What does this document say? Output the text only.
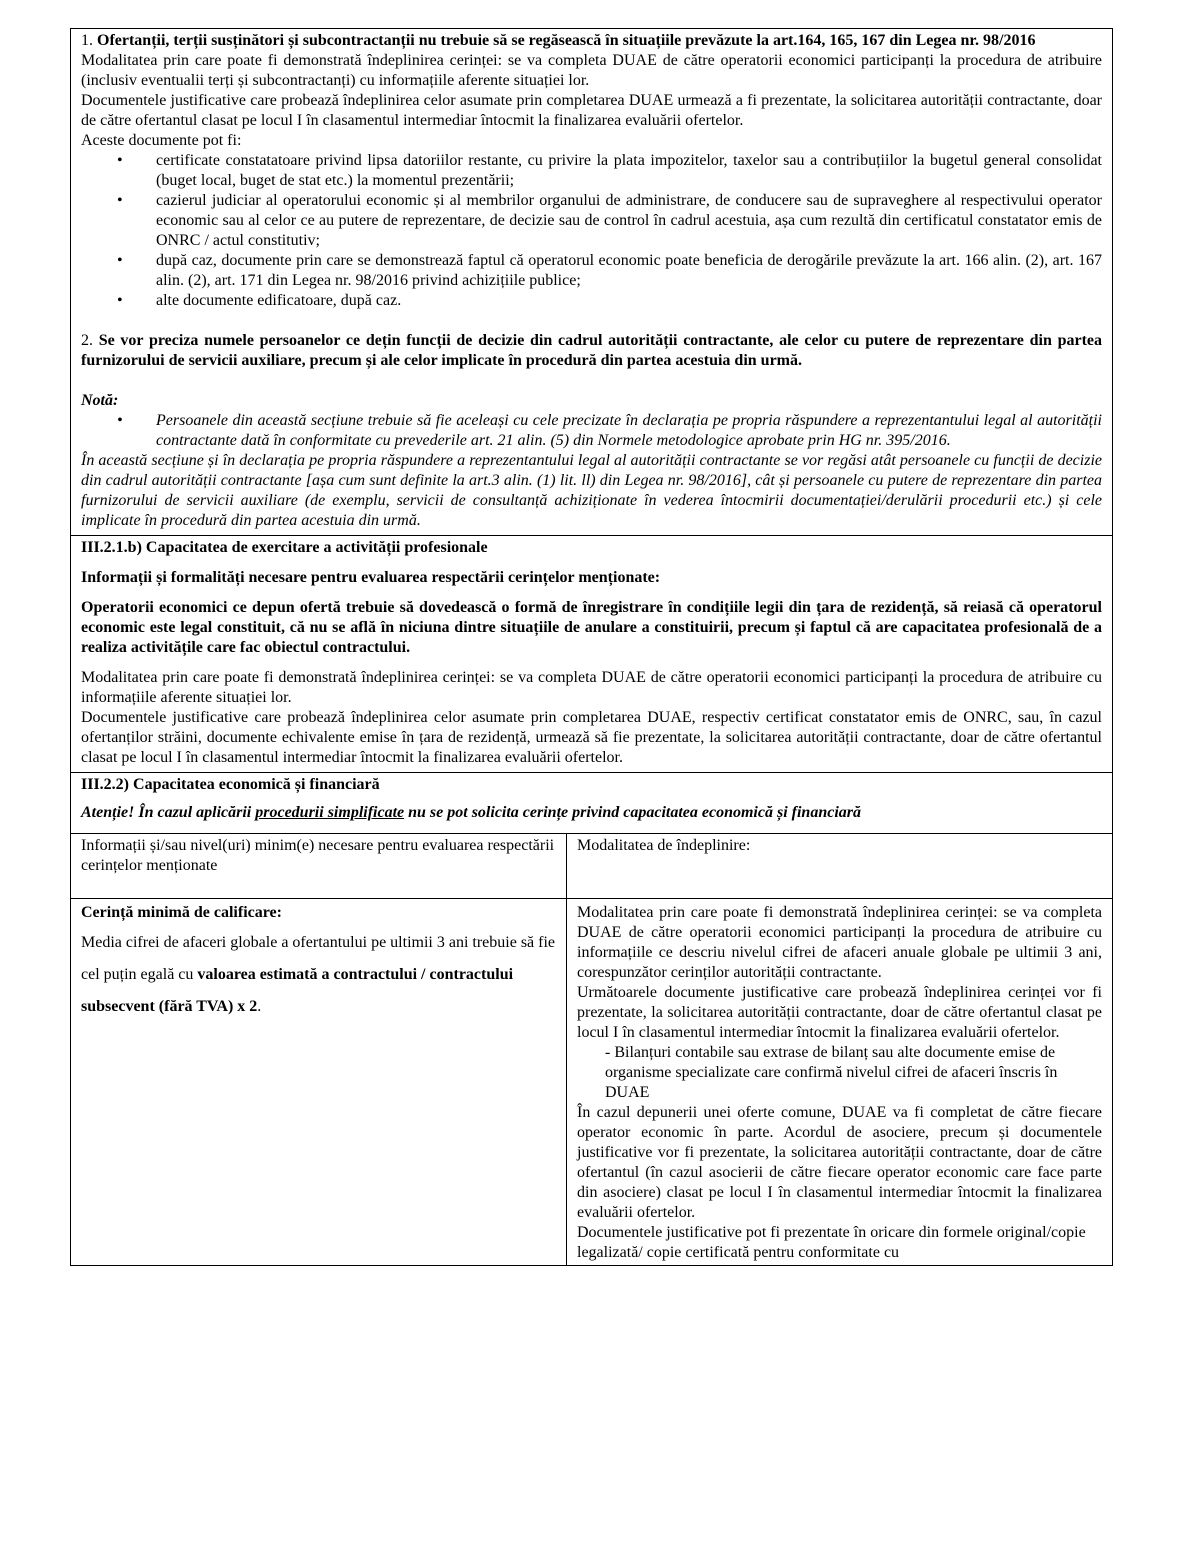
1. Ofertanții, terții susținători și subcontractanții nu trebuie să se regăsească în situațiile prevăzute la art.164, 165, 167 din Legea nr. 98/2016

Modalitatea prin care poate fi demonstrată îndeplinirea cerinței: se va completa DUAE de către operatorii economici participanți la procedura de atribuire (inclusiv eventualii terți și subcontractanți) cu informațiile aferente situației lor.

Documentele justificative care probează îndeplinirea celor asumate prin completarea DUAE urmează a fi prezentate, la solicitarea autorității contractante, doar de către ofertantul clasat pe locul I în clasamentul intermediar întocmit la finalizarea evaluării ofertelor.

Aceste documente pot fi:

• certificate constatatoare privind lipsa datoriilor restante, cu privire la plata impozitelor, taxelor sau a contribuțiilor la bugetul general consolidat (buget local, buget de stat etc.) la momentul prezentării;
• cazierul judiciar al operatorului economic și al membrilor organului de administrare, de conducere sau de supraveghere al respectivului operator economic sau al celor ce au putere de reprezentare, de decizie sau de control în cadrul acestuia, așa cum rezultă din certificatul constatator emis de ONRC / actul constitutiv;
• după caz, documente prin care se demonstrează faptul că operatorul economic poate beneficia de derogările prevăzute la art. 166 alin. (2), art. 167 alin. (2), art. 171 din Legea nr. 98/2016 privind achizițiile publice;
• alte documente edificatoare, după caz.

2. Se vor preciza numele persoanelor ce dețin funcții de decizie din cadrul autorității contractante, ale celor cu putere de reprezentare din partea furnizorului de servicii auxiliare, precum și ale celor implicate în procedură din partea acestuia din urmă.

Notă:

• Persoanele din această secțiune trebuie să fie aceleași cu cele precizate în declarația pe propria răspundere a reprezentantului legal al autorității contractante dată în conformitate cu prevederile art. 21 alin. (5) din Normele metodologice aprobate prin HG nr. 395/2016.

În această secțiune și în declarația pe propria răspundere a reprezentantului legal al autorității contractante se vor regăsi atât persoanele cu funcții de decizie din cadrul autorității contractante [așa cum sunt definite la art.3 alin. (1) lit. ll) din Legea nr. 98/2016], cât și persoanele cu putere de reprezentare din partea furnizorului de servicii auxiliare (de exemplu, servicii de consultanță achiziționate în vederea întocmirii documentației/derulării procedurii etc.) și cele implicate în procedură din partea acestuia din urmă.

III.2.1.b) Capacitatea de exercitare a activității profesionale

Informații și formalități necesare pentru evaluarea respectării cerințelor menționate:

Operatorii economici ce depun ofertă trebuie să dovedească o formă de înregistrare în condițiile legii din țara de rezidență, să reiasă că operatorul economic este legal constituit, că nu se află în niciuna dintre situațiile de anulare a constituirii, precum și faptul că are capacitatea profesională de a realiza activitățile care fac obiectul contractului.

Modalitatea prin care poate fi demonstrată îndeplinirea cerinței: se va completa DUAE de către operatorii economici participanți la procedura de atribuire cu informațiile aferente situației lor.

Documentele justificative care probează îndeplinirea celor asumate prin completarea DUAE, respectiv certificat constatator emis de ONRC, sau, în cazul ofertanților străini, documente echivalente emise în țara de rezidență, urmează să fie prezentate, la solicitarea autorității contractante, doar de către ofertantul clasat pe locul I în clasamentul intermediar întocmit la finalizarea evaluării ofertelor.

III.2.2) Capacitatea economică și financiară

Atenție! În cazul aplicării procedurii simplificate nu se pot solicita cerințe privind capacitatea economică și financiară

Informații și/sau nivel(uri) minim(e) necesare pentru evaluarea respectării cerințelor menționate

Modalitatea de îndeplinire:

Cerință minimă de calificare:

Media cifrei de afaceri globale a ofertantului pe ultimii 3 ani trebuie să fie cel puțin egală cu valoarea estimată a contractului / contractului subsecvent (fără TVA) x 2.

Modalitatea prin care poate fi demonstrată îndeplinirea cerinței: se va completa DUAE de către operatorii economici participanți la procedura de atribuire cu informațiile ce descriu nivelul cifrei de afaceri anuale globale pe ultimii 3 ani, corespunzător cerinților autorității contractante.

Următoarele documente justificative care probează îndeplinirea cerinței vor fi prezentate, la solicitarea autorității contractante, doar de către ofertantul clasat pe locul I în clasamentul intermediar întocmit la finalizarea evaluării ofertelor.

- Bilanțuri contabile sau extrase de bilanț sau alte documente emise de organisme specializate care confirmă nivelul cifrei de afaceri înscris în DUAE

În cazul depunerii unei oferte comune, DUAE va fi completat de către fiecare operator economic în parte. Acordul de asociere, precum și documentele justificative vor fi prezentate, la solicitarea autorității contractante, doar de către ofertantul (în cazul asocierii de către fiecare operator economic care face parte din asociere) clasat pe locul I în clasamentul intermediar întocmit la finalizarea evaluării ofertelor.

Documentele justificative pot fi prezentate în oricare din formele original/copie legalizată/ copie certificată pentru conformitate cu
